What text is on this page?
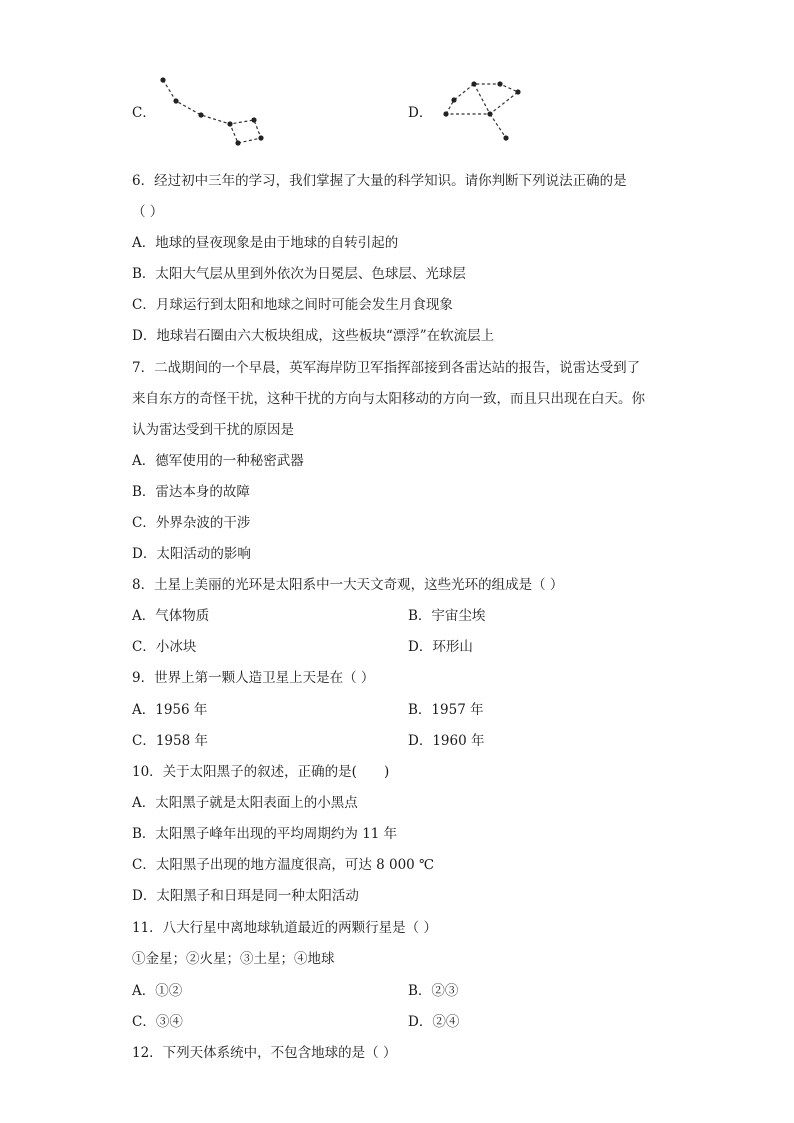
C．	D．
6．经过初中三年的学习，我们掌握了大量的科学知识。请你判断下列说法正确的是
（ ）
A．地球的昼夜现象是由于地球的自转引起的
B．太阳大气层从里到外依次为日冕层、色球层、光球层
C．月球运行到太阳和地球之间时可能会发生月食现象
D．地球岩石圈由六大板块组成，这些板块“漂浮”在软流层上
7．二战期间的一个早晨，英军海岸防卫军指挥部接到各雷达站的报告，说雷达受到了
来自东方的奇怪干扰，这种干扰的方向与太阳移动的方向一致，而且只出现在白天。你
认为雷达受到干扰的原因是
A．德军使用的一种秘密武器
B．雷达本身的故障
C．外界杂波的干涉
D．太阳活动的影响
8．土星上美丽的光环是太阳系中一大天文奇观，这些光环的组成是（ ）
A．气体物质	B．宇宙尘埃
C．小冰块	D．环形山
9．世界上第一颗人造卫星上天是在（ ）
A．1956 年	B．1957 年
C．1958 年	D．1960 年
10．关于太阳黑子的叙述，正确的是(　　)
A．太阳黑子就是太阳表面上的小黑点
B．太阳黑子峰年出现的平均周期约为 11 年
C．太阳黑子出现的地方温度很高，可达 8 000 ℃
D．太阳黑子和日珥是同一种太阳活动
11．八大行星中离地球轨道最近的两颗行星是（ ）
①金星；②火星；③土星；④地球
A．①②	B．②③
C．③④	D．②④
12．下列天体系统中，不包含地球的是（ ）
